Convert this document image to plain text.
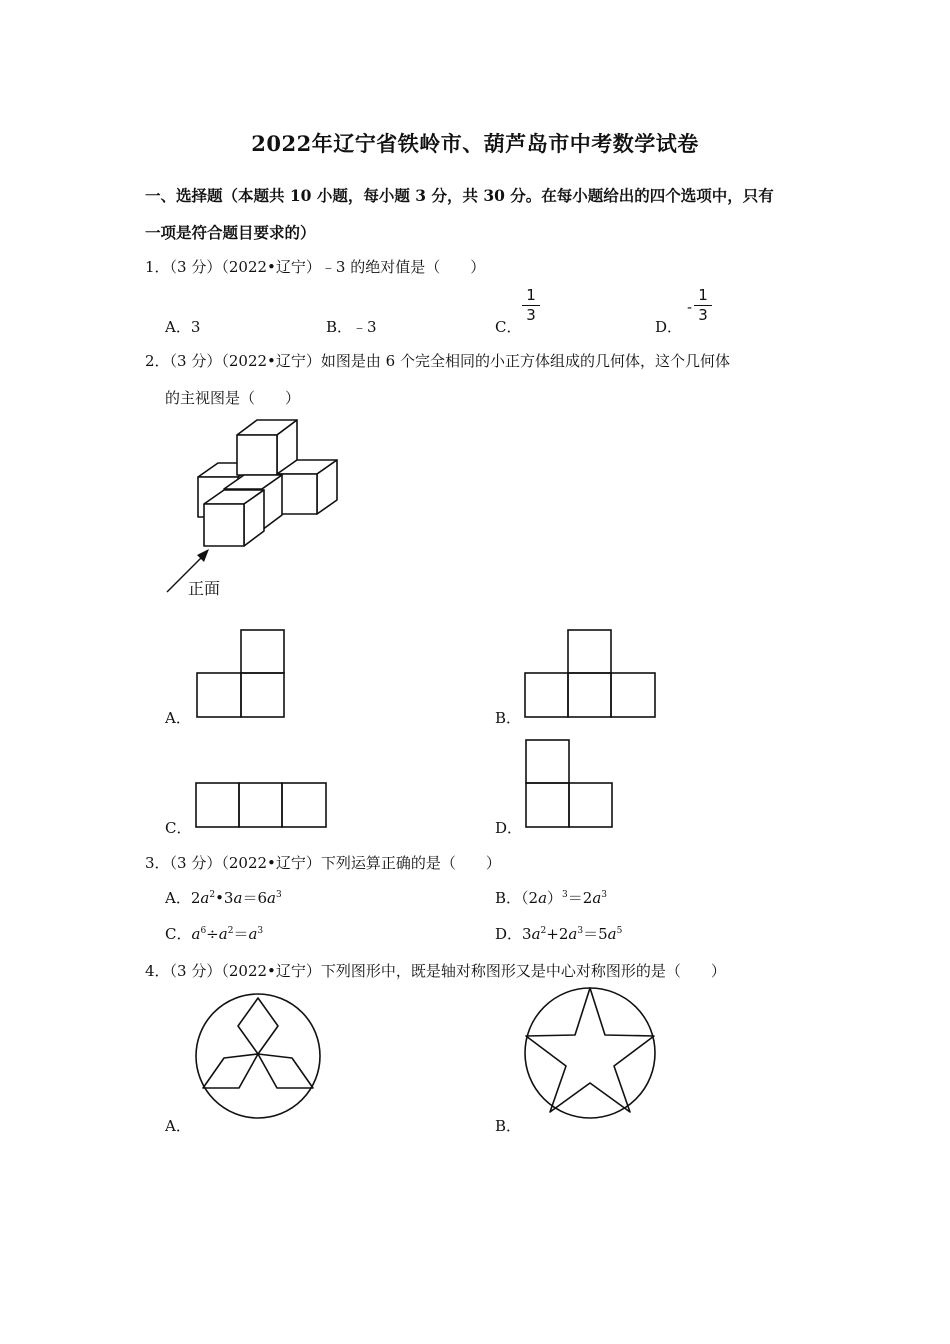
2022年辽宁省铁岭市、葫芦岛市中考数学试卷
一、选择题（本题共 10 小题，每小题 3 分，共 30 分。在每小题给出的四个选项中，只有
一项是符合题目要求的）
1．（3 分）（2022•辽宁）﹣3 的绝对值是（　　）
A．3	B．﹣3	C．
1
3
D．
-
1
3
2．（3 分）（2022•辽宁）如图是由 6 个完全相同的小正方体组成的几何体，这个几何体
的主视图是（　　）
正面
A．	B．
C．	D．
3．（3 分）（2022•辽宁）下列运算正确的是（　　）
A．$2a^2•3a=6a^3$	B．$(2a)^3=2a^3$
C．$a^6\div a^2=a^3$	D．$3a^2+2a^3=5a^5$
4．（3 分）（2022•辽宁）下列图形中，既是轴对称图形又是中心对称图形的是（　　）
A．	B．
